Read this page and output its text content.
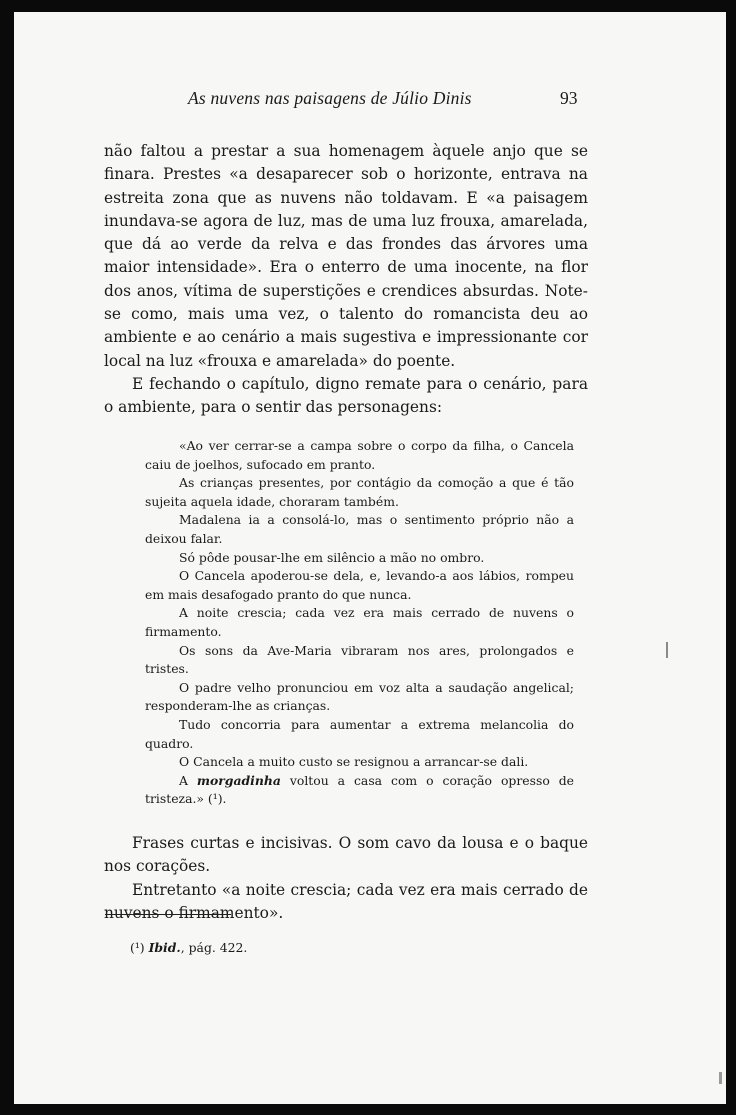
As nuvens nas paisagens de Júlio Dinis	93

não faltou a prestar a sua homenagem àquele anjo que se finara. Prestes «a desaparecer sob o horizonte, entrava na estreita zona que as nuvens não toldavam. E «a paisagem inundava-se agora de luz, mas de uma luz frouxa, amarelada, que dá ao verde da relva e das frondes das árvores uma maior intensidade». Era o enterro de uma inocente, na flor dos anos, vítima de superstições e crendices absurdas. Note-se como, mais uma vez, o talento do romancista deu ao ambiente e ao cenário a mais sugestiva e impressionante cor local na luz «frouxa e amarelada» do poente.

E fechando o capítulo, digno remate para o cenário, para o ambiente, para o sentir das personagens:

«Ao ver cerrar-se a campa sobre o corpo da filha, o Cancela caiu de joelhos, sufocado em pranto.

As crianças presentes, por contágio da comoção a que é tão sujeita aquela idade, choraram também.

Madalena ia a consolá-lo, mas o sentimento próprio não a deixou falar.

Só pôde pousar-lhe em silêncio a mão no ombro.

O Cancela apoderou-se dela, e, levando-a aos lábios, rompeu em mais desafogado pranto do que nunca.

A noite crescia; cada vez era mais cerrado de nuvens o firmamento.

Os sons da Ave-Maria vibraram nos ares, prolongados e tristes.

O padre velho pronunciou em voz alta a saudação angelical; responderam-lhe as crianças.

Tudo concorria para aumentar a extrema melancolia do quadro.

O Cancela a muito custo se resignou a arrancar-se dali.

A morgadinha voltou a casa com o coração opresso de tristeza.» (¹).

Frases curtas e incisivas. O som cavo da lousa e o baque nos corações.

Entretanto «a noite crescia; cada vez era mais cerrado de nuvens o firmamento».

(¹) Ibid., pág. 422.
